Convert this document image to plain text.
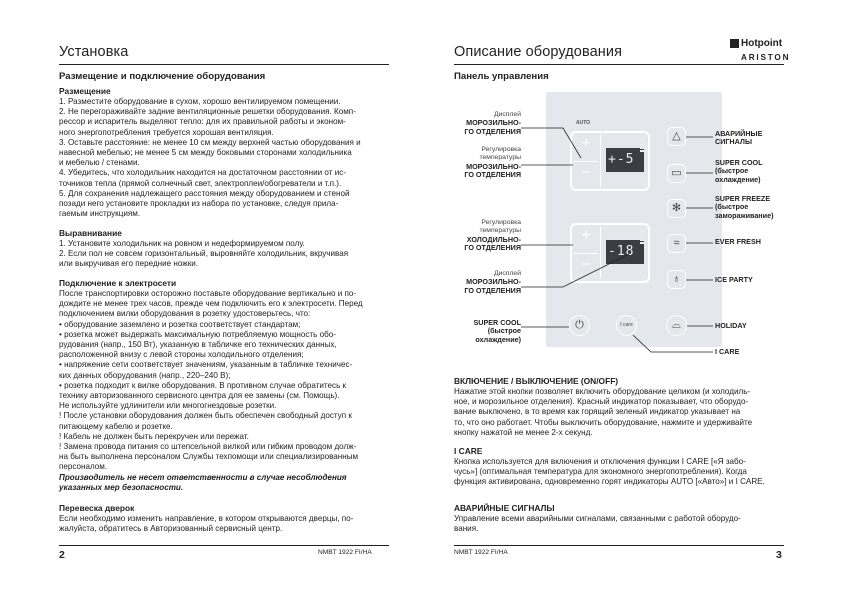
Установка
Размещение и подключение оборудования
Размещение
1. Разместите оборудование в сухом, хорошо вентилируемом помещении.
2. Не перегораживайте задние вентиляционные решетки оборудования. Комп-
рессор и испаритель выделяют тепло: для их правильной работы и эконом-
ного энергопотребления требуется хорошая вентиляция.
3. Оставьте расстояние: не менее 10 см между верхней частью оборудования и
навесной мебелью; не менее 5 см между боковыми сторонами холодильника
и мебелью / стенами.
4. Убедитесь, что холодильник находится на достаточном расстоянии от ис-
точников тепла (прямой солнечный свет, электроплеи/обогреватели и т.п.).
5. Для сохранения надлежащего расстояния между оборудованием и стеной
позади него установите прокладки из набора по установке, следуя прила-
гаемым инструкциям.
Выравнивание
1. Установите холодильник на ровном и недеформируемом полу.
2. Если пол не совсем горизонтальный, выровняйте холодильник, вкручивая
или выкручивая его передние ножки.
Подключение к электросети
После транспортировки осторожно поставьте оборудование вертикально и по-
дождите не менее трех часов, прежде чем подключить его к электросети. Перед
подключением вилки оборудования в розетку удостоверьтесь, что:
• оборудование заземлено и розетка соответствует стандартам;
• розетка может выдержать максимальную потребляемую мощность обо-
рудования (напр., 150 Вт), указанную в табличке его технических данных,
расположенной внизу с левой стороны холодильного отделения;
• напряжение сети соответствует значениям, указанным в табличке техничес-
ких данных оборудования (напр., 220–240 В);
• розетка подходит к вилке оборудования. В противном случае обратитесь к
технику авторизованного сервисного центра для ее замены (см. Помощь).
Не используйте удлинители или многогнездовые розетки.
! После установки оборудования должен быть обеспечен свободный доступ к
питающему кабелю и розетке.
! Кабель не должен быть перекручен или пережат.
! Замена провода питания со штепсельной вилкой или гибким проводом долж-
на быть выполнена персоналом Службы техпомощи или специализированным
персоналом.
Производитель не несет ответственности в случае несоблюдения
указанных мер безопасности.
Перевеска дверок
Если необходимо изменить направление, в котором открываются дверцы, по-
жалуйста, обратитесь в Авторизованный сервисный центр.
2	NMBT 1922 FI/HA
Описание оборудования
Hotpoint
ARISTON
Панель управления
AUTO
+
–
+-5
+
–
-18
△
▭
✻
≈
♁
⏻	I care	⌓
Дисплей
МОРОЗИЛЬНО-ГО ОТДЕЛЕНИЯ
Регулировка температуры
МОРОЗИЛЬНО-ГО ОТДЕЛЕНИЯ
Регулировка температуры
ХОЛОДИЛЬНО-ГО ОТДЕЛЕНИЯ
Дисплей
МОРОЗИЛЬНО-ГО ОТДЕЛЕНИЯ
SUPER COOL (быстрое охлаждение)
АВАРИЙНЫЕ СИГНАЛЫ
SUPER COOL
(быстрое охлаждение)
SUPER FREEZE
(быстрое замораживание)
EVER FRESH
ICE PARTY
HOLIDAY
I CARE
ВКЛЮЧЕНИЕ / ВЫКЛЮЧЕНИЕ (ON/OFF)
Нажатие этой кнопки позволяет включить оборудование целиком (и холодиль-
ное, и морозильное отделения). Красный индикатор показывает, что оборудо-
вание выключено, в то время как горящий зеленый индикатор указывает на
то, что оно работает. Чтобы выключить оборудование, нажмите и удерживайте
кнопку нажатой не менее 2-х секунд.
I CARE
Кнопка используется для включения и отключения функции I CARE [«Я забо-
чусь»] (оптимальная температура для экономного энергопотребления). Когда
функция активирована, одновременно горят индикаторы AUTO [«Авто»] и I CARE.
АВАРИЙНЫЕ СИГНАЛЫ
Управление всеми аварийными сигналами, связанными с работой оборудо-
вания.
NMBT 1922 FI/HA	3
